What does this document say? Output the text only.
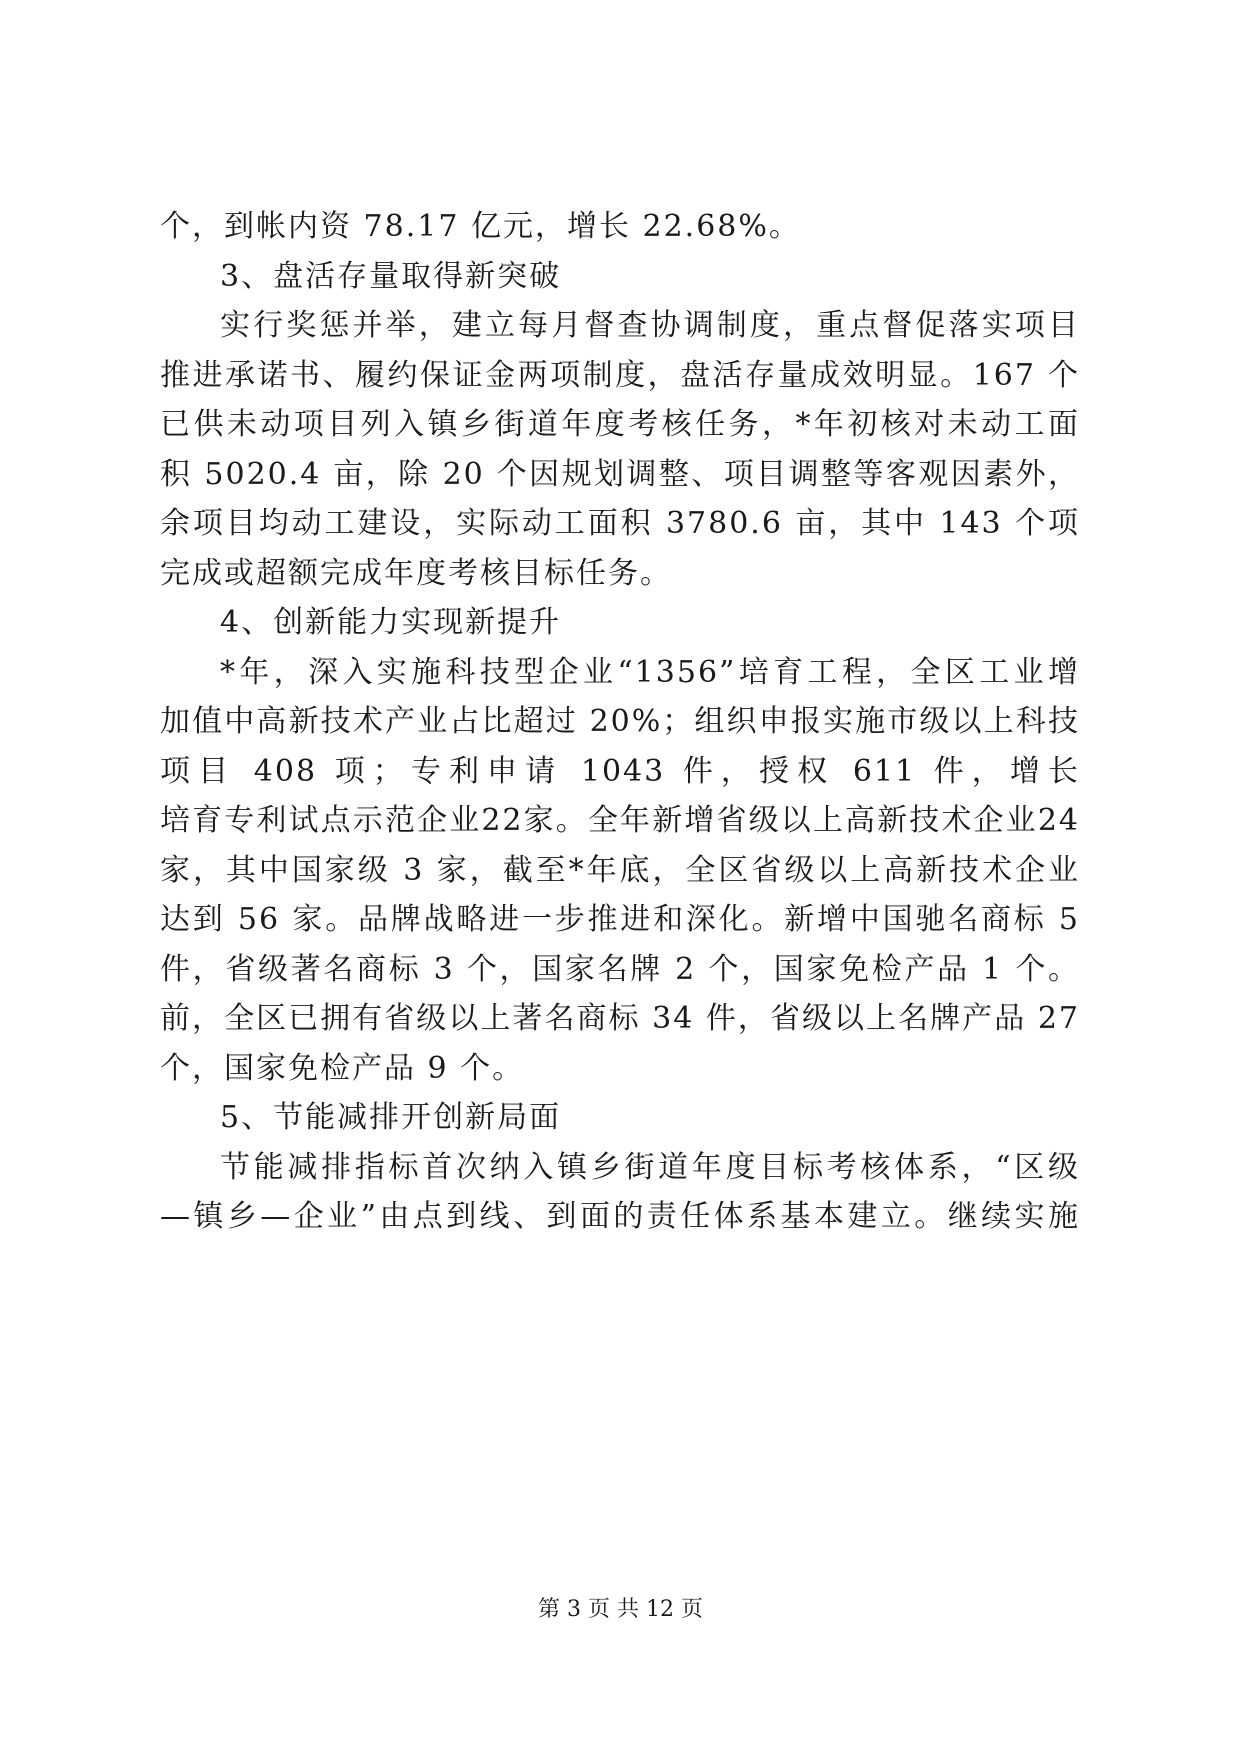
个，到帐内资 78.17 亿元，增长 22.68%。
3、盘活存量取得新突破
实行奖惩并举，建立每月督查协调制度，重点督促落实项目
推进承诺书、履约保证金两项制度，盘活存量成效明显。167 个
已供未动项目列入镇乡街道年度考核任务，*年初核对未动工面
积 5020.4 亩，除 20 个因规划调整、项目调整等客观因素外，
余项目均动工建设，实际动工面积 3780.6 亩，其中 143 个项
完成或超额完成年度考核目标任务。
4、创新能力实现新提升
*年，深入实施科技型企业“1356”培育工程，全区工业增
加值中高新技术产业占比超过 20%；组织申报实施市级以上科技
项目 408 项；专利申请 1043 件，授权 611 件，增长
培育专利试点示范企业22家。全年新增省级以上高新技术企业24
家，其中国家级 3 家，截至*年底，全区省级以上高新技术企业
达到 56 家。品牌战略进一步推进和深化。新增中国驰名商标 5
件，省级著名商标 3 个，国家名牌 2 个，国家免检产品 1 个。
前，全区已拥有省级以上著名商标 34 件，省级以上名牌产品 27
个，国家免检产品 9 个。
5、节能减排开创新局面
节能减排指标首次纳入镇乡街道年度目标考核体系，“区级
—镇乡—企业”由点到线、到面的责任体系基本建立。继续实施
第 3 页 共 12 页
